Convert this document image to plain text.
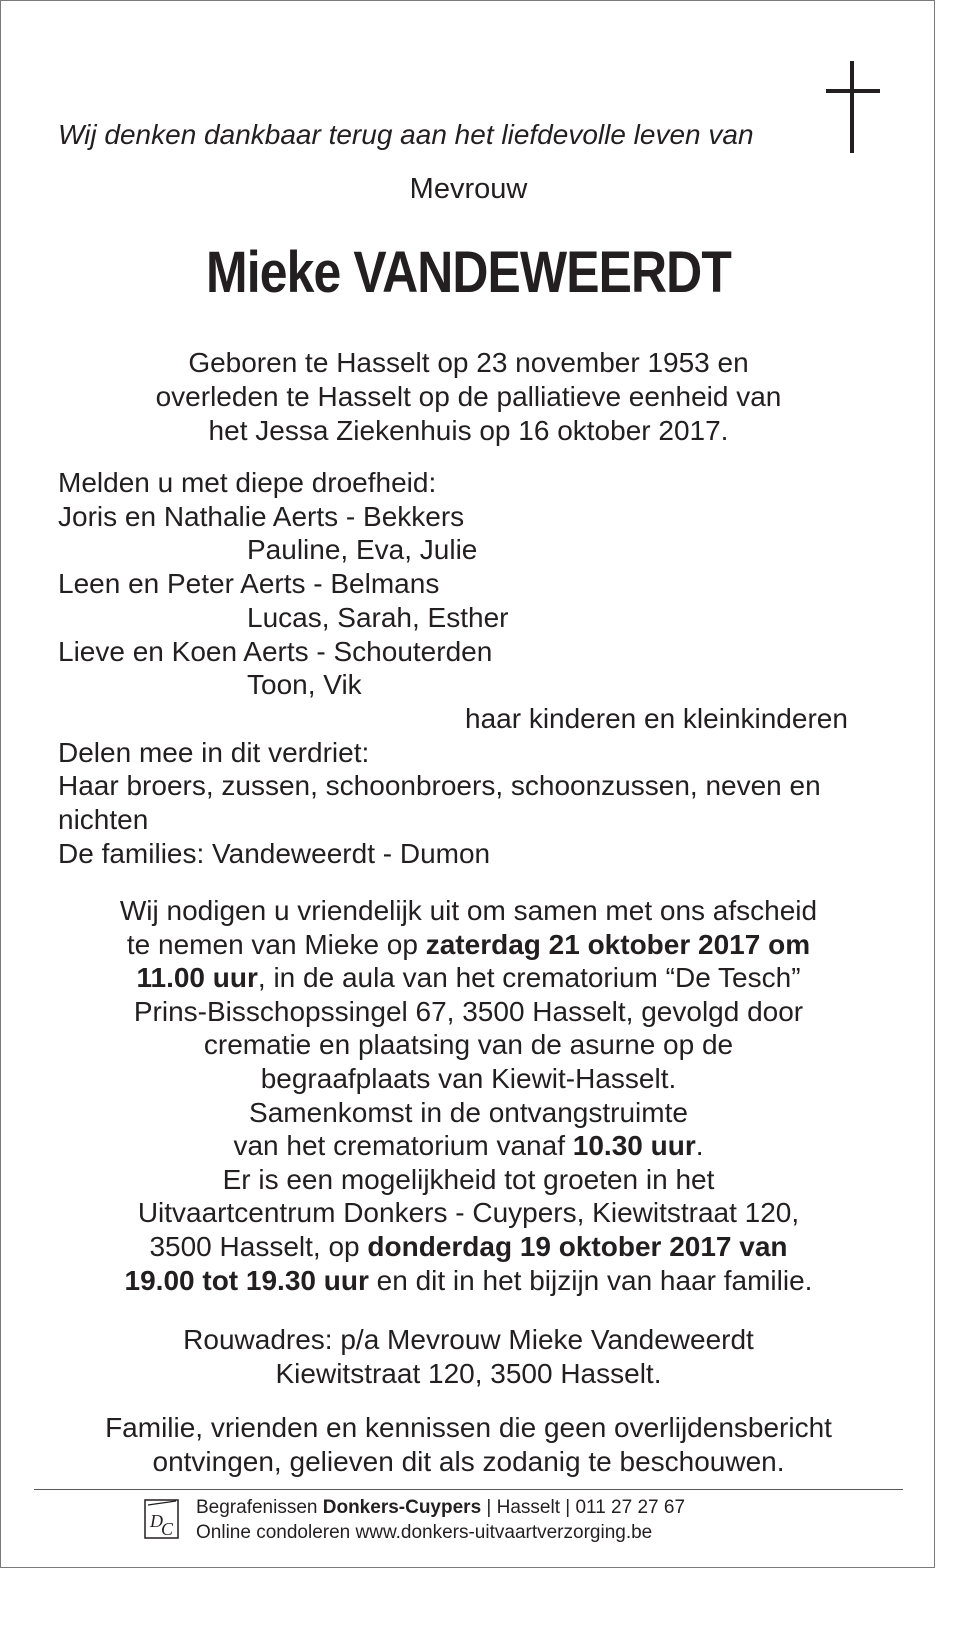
Wij denken dankbaar terug aan het liefdevolle leven van
Mevrouw
Mieke VANDEWEERDT
Geboren te Hasselt op 23 november 1953 en
overleden te Hasselt op de palliatieve eenheid van
het Jessa Ziekenhuis op 16 oktober 2017.
Melden u met diepe droefheid:
Joris en Nathalie Aerts - Bekkers
Pauline, Eva, Julie
Leen en Peter Aerts - Belmans
Lucas, Sarah, Esther
Lieve en Koen Aerts - Schouterden
Toon, Vik
haar kinderen en kleinkinderen
Delen mee in dit verdriet:
Haar broers, zussen, schoonbroers, schoonzussen, neven en
nichten
De families: Vandeweerdt - Dumon
Wij nodigen u vriendelijk uit om samen met ons afscheid
te nemen van Mieke op zaterdag 21 oktober 2017 om
11.00 uur, in de aula van het crematorium “De Tesch”
Prins-Bisschopssingel 67, 3500 Hasselt, gevolgd door
crematie en plaatsing van de asurne op de
begraafplaats van Kiewit-Hasselt.
Samenkomst in de ontvangstruimte
van het crematorium vanaf 10.30 uur.
Er is een mogelijkheid tot groeten in het
Uitvaartcentrum Donkers - Cuypers, Kiewitstraat 120,
3500 Hasselt, op donderdag 19 oktober 2017 van
19.00 tot 19.30 uur en dit in het bijzijn van haar familie.
Rouwadres: p/a Mevrouw Mieke Vandeweerdt
Kiewitstraat 120, 3500 Hasselt.
Familie, vrienden en kennissen die geen overlijdensbericht
ontvingen, gelieven dit als zodanig te beschouwen.
D
C
Begrafenissen Donkers-Cuypers | Hasselt | 011 27 27 67
Online condoleren www.donkers-uitvaartverzorging.be
